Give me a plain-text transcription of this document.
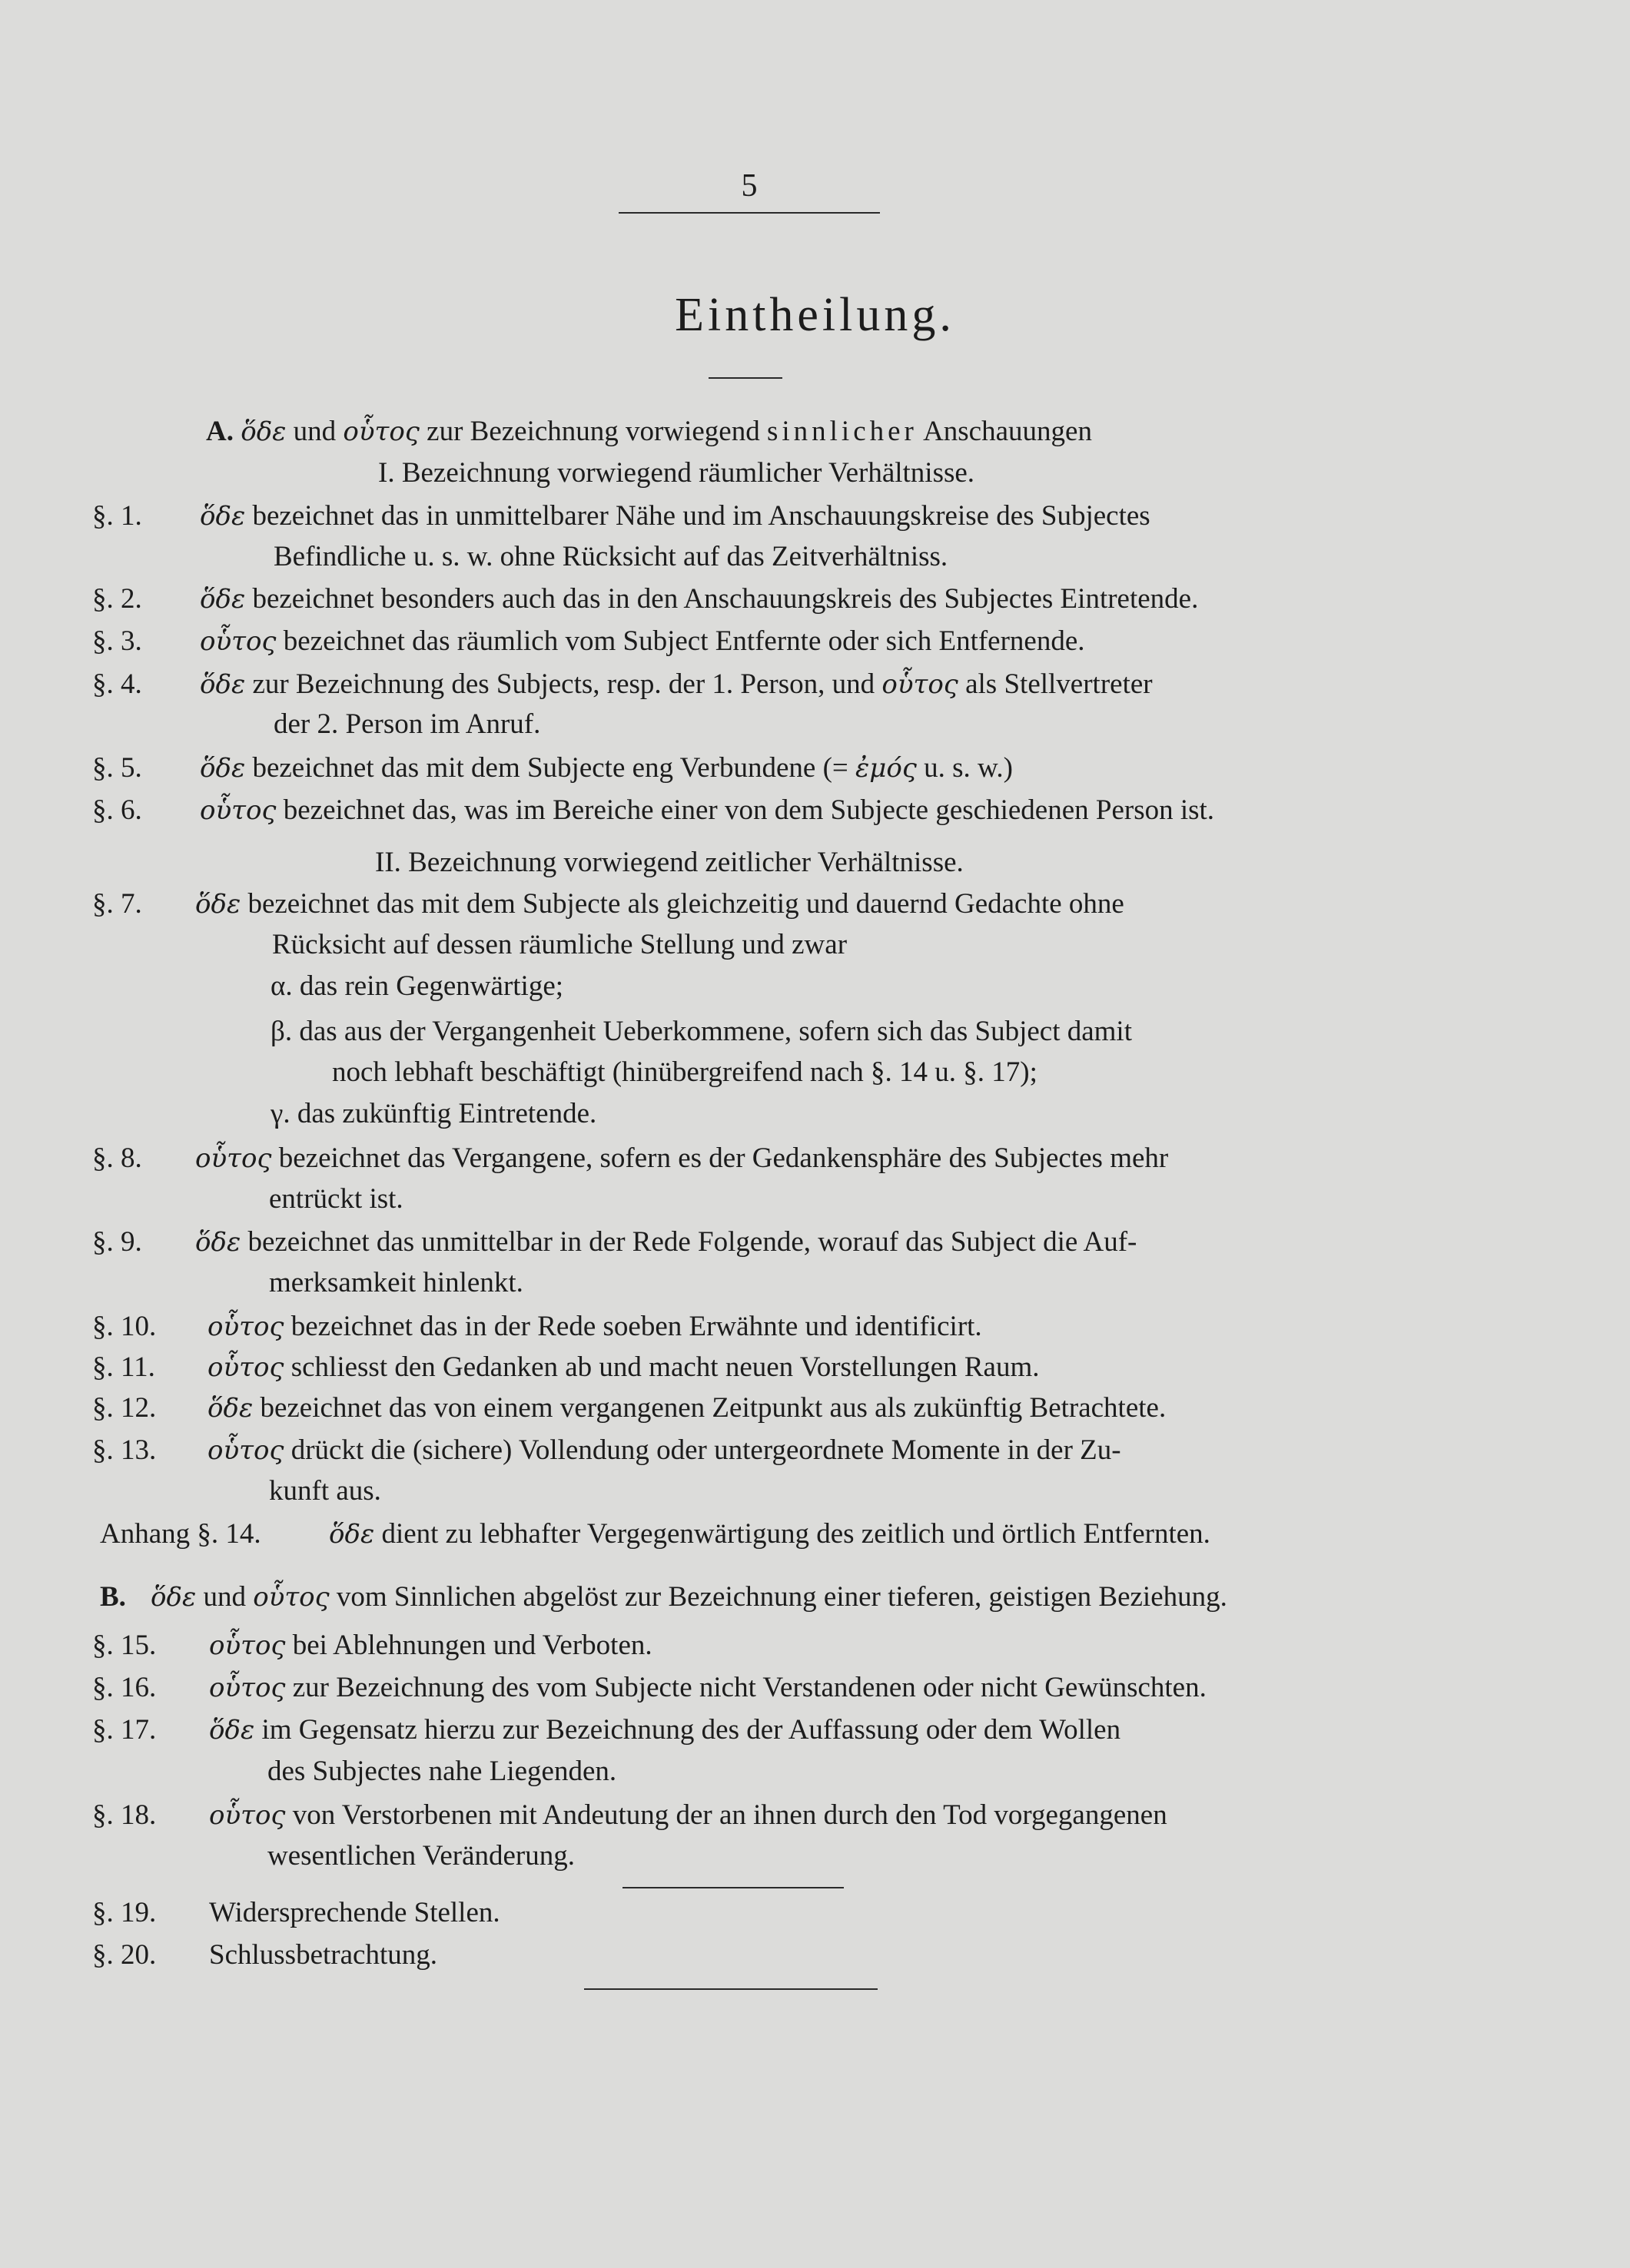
5
Eintheilung.
A. ὅδε und οὗτος zur Bezeichnung vorwiegend sinnlicher Anschauungen
I. Bezeichnung vorwiegend räumlicher Verhältnisse.
§. 1. ὅδε bezeichnet das in unmittelbarer Nähe und im Anschauungskreise des Subjectes
Befindliche u. s. w. ohne Rücksicht auf das Zeitverhältniss.
§. 2. ὅδε bezeichnet besonders auch das in den Anschauungskreis des Subjectes Eintretende.
§. 3. οὗτος bezeichnet das räumlich vom Subject Entfernte oder sich Entfernende.
§. 4. ὅδε zur Bezeichnung des Subjects, resp. der 1. Person, und οὗτος als Stellvertreter
der 2. Person im Anruf.
§. 5. ὅδε bezeichnet das mit dem Subjecte eng Verbundene (= ἐμός u. s. w.)
§. 6. οὗτος bezeichnet das, was im Bereiche einer von dem Subjecte geschiedenen Person ist.
II. Bezeichnung vorwiegend zeitlicher Verhältnisse.
§. 7. ὅδε bezeichnet das mit dem Subjecte als gleichzeitig und dauernd Gedachte ohne
Rücksicht auf dessen räumliche Stellung und zwar
α. das rein Gegenwärtige;
β. das aus der Vergangenheit Ueberkommene, sofern sich das Subject damit
noch lebhaft beschäftigt (hinübergreifend nach §. 14 u. §. 17);
γ. das zukünftig Eintretende.
§. 8. οὗτος bezeichnet das Vergangene, sofern es der Gedankensphäre des Subjectes mehr
entrückt ist.
§. 9. ὅδε bezeichnet das unmittelbar in der Rede Folgende, worauf das Subject die Auf-
merksamkeit hinlenkt.
§. 10. οὗτος bezeichnet das in der Rede soeben Erwähnte und identificirt.
§. 11. οὗτος schliesst den Gedanken ab und macht neuen Vorstellungen Raum.
§. 12. ὅδε bezeichnet das von einem vergangenen Zeitpunkt aus als zukünftig Betrachtete.
§. 13. οὗτος drückt die (sichere) Vollendung oder untergeordnete Momente in der Zu-
kunft aus.
Anhang §. 14.	ὅδε dient zu lebhafter Vergegenwärtigung des zeitlich und örtlich Entfernten.
B. ὅδε und οὗτος vom Sinnlichen abgelöst zur Bezeichnung einer tieferen, geistigen Beziehung.
§. 15. οὗτος bei Ablehnungen und Verboten.
§. 16. οὗτος zur Bezeichnung des vom Subjecte nicht Verstandenen oder nicht Gewünschten.
§. 17. ὅδε im Gegensatz hierzu zur Bezeichnung des der Auffassung oder dem Wollen
des Subjectes nahe Liegenden.
§. 18. οὗτος von Verstorbenen mit Andeutung der an ihnen durch den Tod vorgegangenen
wesentlichen Veränderung.
§. 19. Widersprechende Stellen.
§. 20. Schlussbetrachtung.
